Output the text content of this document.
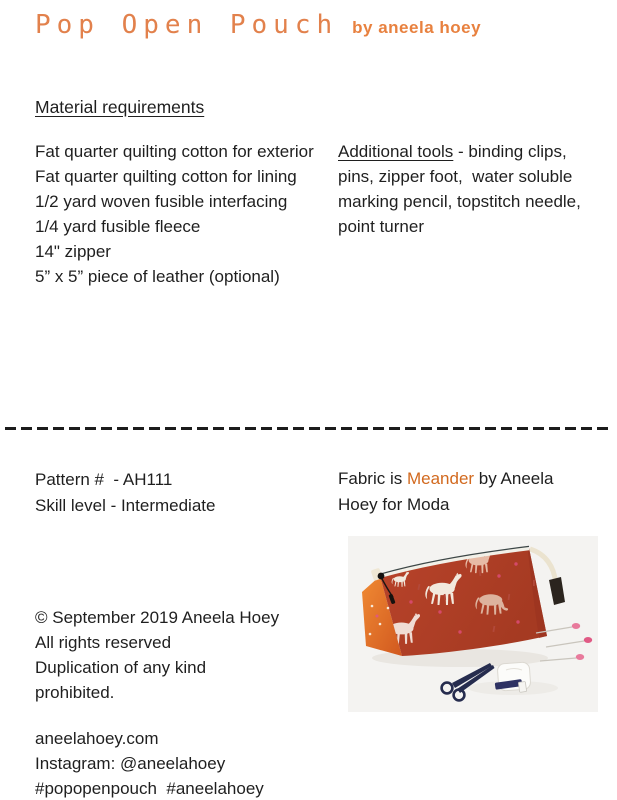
Pop Open Pouch by aneela hoey
Material requirements
Fat quarter quilting cotton for exterior
Fat quarter quilting cotton for lining
1/2 yard woven fusible interfacing
1/4 yard fusible fleece
14" zipper
5” x 5” piece of leather (optional)

Additional tools - binding clips, pins, zipper foot,  water soluble marking pencil, topstitch needle, point turner

Pattern #  - AH111
Skill level - Intermediate

Fabric is Meander by Aneela Hoey for Moda

© September 2019 Aneela Hoey
All rights reserved
Duplication of any kind
prohibited.
aneelahoey.com
Instagram: @aneelahoey
#popopenpouch  #aneelahoey
